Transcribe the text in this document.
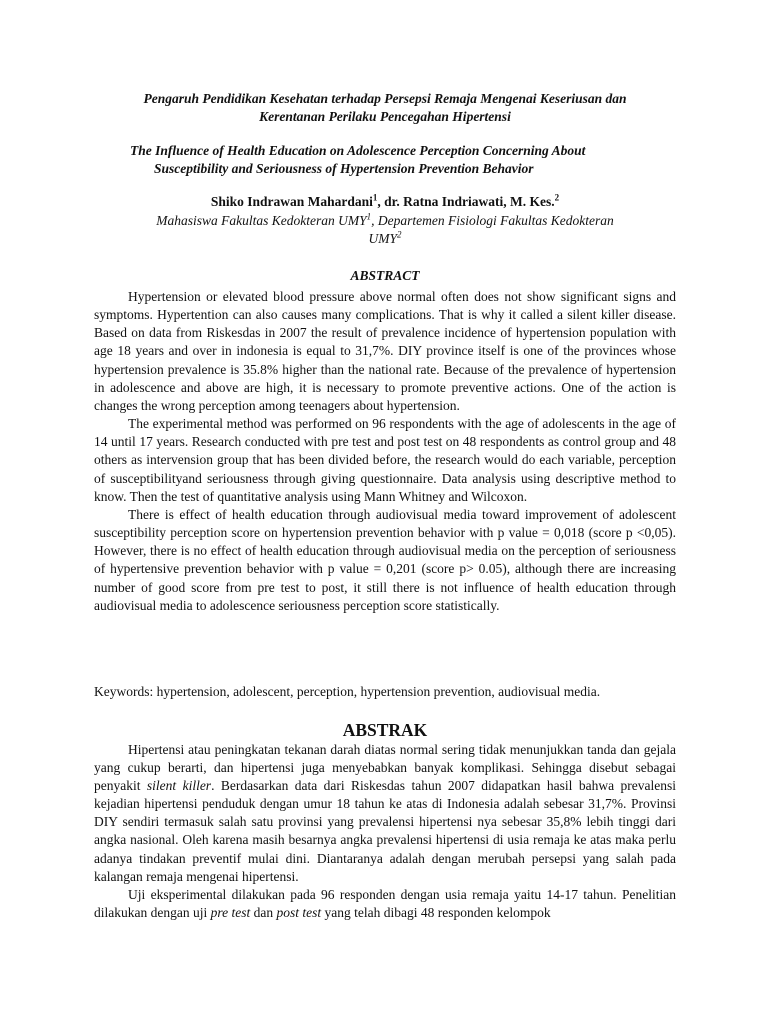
Pengaruh Pendidikan Kesehatan terhadap Persepsi Remaja Mengenai Keseriusan dan
Kerentanan Perilaku Pencegahan Hipertensi
The Influence of Health Education on Adolescence Perception Concerning About
Susceptibility and Seriousness of Hypertension Prevention Behavior
Shiko Indrawan Mahardani$^1$, dr. Ratna Indriawati, M. Kes.$^2$
Mahasiswa Fakultas Kedokteran UMY$^1$, Departemen Fisiologi Fakultas Kedokteran
UMY$^2$
ABSTRACT

Hypertension or elevated blood pressure above normal often does not show significant signs and symptoms. Hypertention can also causes many complications. That is why it called a silent killer disease. Based on data from Riskesdas in 2007 the result of prevalence incidence of hypertension population with age 18 years and over in indonesia is equal to 31,7%. DIY province itself is one of the provinces whose hypertension prevalence is 35.8% higher than the national rate. Because of the prevalence of hypertension in adolescence and above are high, it is necessary to promote preventive actions. One of the action is changes the wrong perception among teenagers about hypertension.

The experimental method was performed on 96 respondents with the age of adolescents in the age of 14 until 17 years. Research conducted with pre test and post test on 48 respondents as control group and 48 others as intervension group that has been divided before, the research would do each variable, perception of susceptibilityand seriousness through giving questionnaire. Data analysis using descriptive method to know. Then the test of quantitative analysis using Mann Whitney and Wilcoxon.

There is effect of health education through audiovisual media toward improvement of adolescent susceptibility perception score on hypertension prevention behavior with p value = 0,018 (score p <0,05). However, there is no effect of health education through audiovisual media on the perception of seriousness of hypertensive prevention behavior with p value = 0,201 (score p> 0.05), although there are increasing number of good score from pre test to post, it still there is not influence of health education through audiovisual media to adolescence seriousness perception score statistically.

Keywords: hypertension, adolescent, perception, hypertension prevention, audiovisual media.
ABSTRAK

Hipertensi atau peningkatan tekanan darah diatas normal sering tidak menunjukkan tanda dan gejala yang cukup berarti, dan hipertensi juga menyebabkan banyak komplikasi. Sehingga disebut sebagai penyakit silent killer. Berdasarkan data dari Riskesdas tahun 2007 didapatkan hasil bahwa prevalensi kejadian hipertensi penduduk dengan umur 18 tahun ke atas di Indonesia adalah sebesar 31,7%. Provinsi DIY sendiri termasuk salah satu provinsi yang prevalensi hipertensi nya sebesar 35,8% lebih tinggi dari angka nasional. Oleh karena masih besarnya angka prevalensi hipertensi di usia remaja ke atas maka perlu adanya tindakan preventif mulai dini. Diantaranya adalah dengan merubah persepsi yang salah pada kalangan remaja mengenai hipertensi.

Uji eksperimental dilakukan pada 96 responden dengan usia remaja yaitu 14-17 tahun. Penelitian dilakukan dengan uji pre test dan post test yang telah dibagi 48 responden kelompok
